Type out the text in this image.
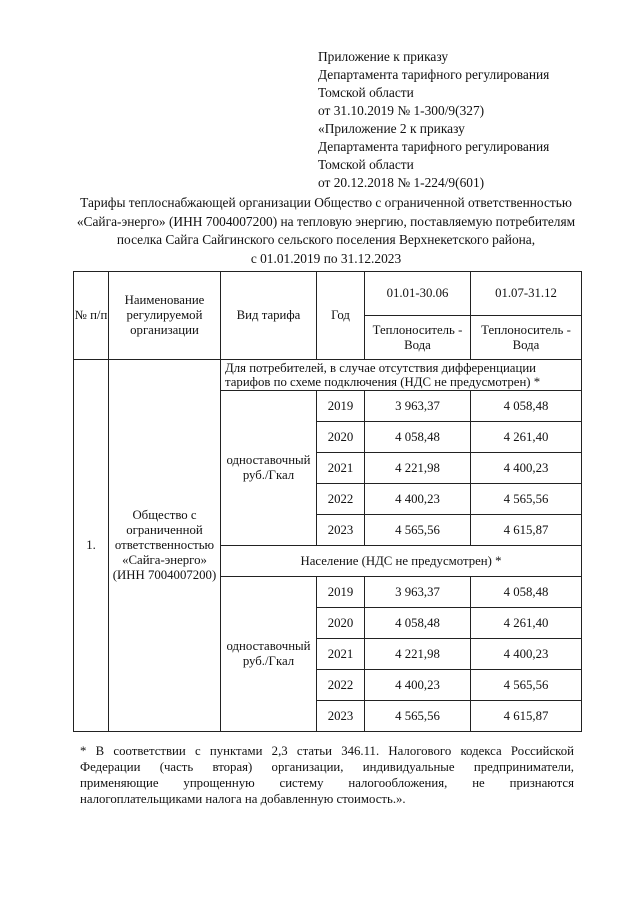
Приложение к приказу
Департамента тарифного регулирования
Томской области
от 31.10.2019 № 1-300/9(327)
«Приложение 2 к приказу
Департамента тарифного регулирования
Томской области
от 20.12.2018 № 1-224/9(601)
Тарифы теплоснабжающей организации Общество с ограниченной ответственностью
«Сайга-энерго» (ИНН 7004007200) на тепловую энергию, поставляемую потребителям
поселка Сайга Сайгинского сельского поселения Верхнекетского района,
с 01.01.2019 по 31.12.2023
№ п/п	Наименование регулируемой организации	Вид тарифа	Год	01.01-30.06	01.07-31.12
				Теплоноситель - Вода	Теплоноситель - Вода
1.	Общество с ограниченной ответственностью «Сайга-энерго» (ИНН 7004007200)	Для потребителей, в случае отсутствия дифференциации тарифов по схеме подключения (НДС не предусмотрен) *			
		одноставочный руб./Гкал	2019	3 963,37	4 058,48
			2020	4 058,48	4 261,40
			2021	4 221,98	4 400,23
			2022	4 400,23	4 565,56
			2023	4 565,56	4 615,87
		Население (НДС не предусмотрен) *			
		одноставочный руб./Гкал	2019	3 963,37	4 058,48
			2020	4 058,48	4 261,40
			2021	4 221,98	4 400,23
			2022	4 400,23	4 565,56
			2023	4 565,56	4 615,87
* В соответствии с пунктами 2,3 статьи 346.11. Налогового кодекса Российской Федерации (часть вторая) организации, индивидуальные предприниматели, применяющие упрощенную систему налогообложения, не признаются налогоплательщиками налога на добавленную стоимость.».
